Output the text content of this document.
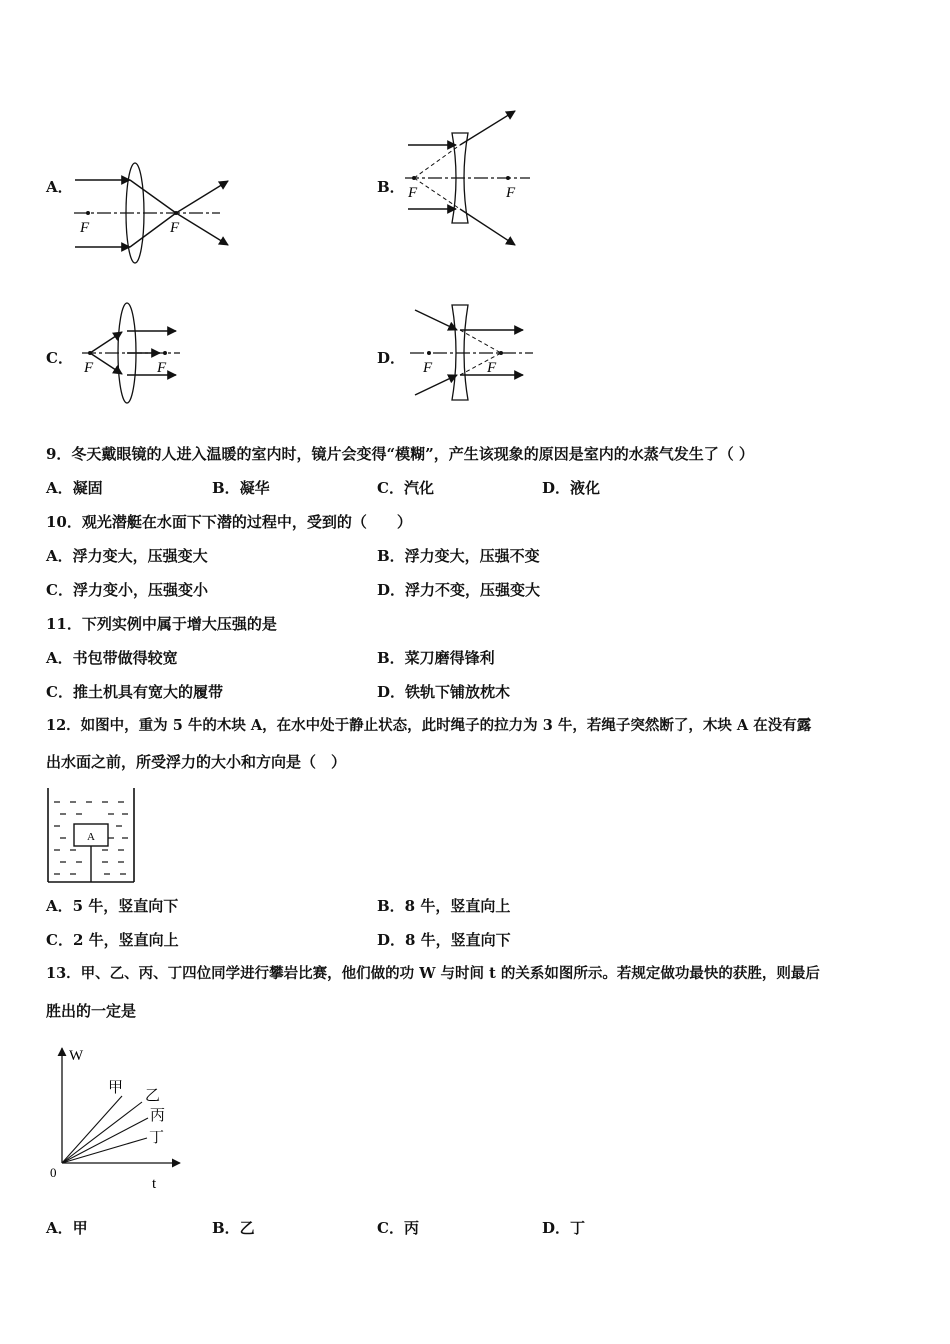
A．
F	F
B． F	F
C．
F	F
D．
F	F
9．冬天戴眼镜的人进入温暖的室内时，镜片会变得“模糊”，产生该现象的原因是室内的水蒸气发生了（ ）
A．凝固	B．凝华	C．汽化	D．液化
10．观光潜艇在水面下下潜的过程中，受到的（　　）
A．浮力变大，压强变大	B．浮力变大，压强不变
C．浮力变小，压强变小	D．浮力不变，压强变大
11．下列实例中属于增大压强的是
A．书包带做得较宽	B．菜刀磨得锋利
C．推土机具有宽大的履带	D．铁轨下铺放枕木
12．如图中，重为 5 牛的木块 A，在水中处于静止状态，此时绳子的拉力为 3 牛，若绳子突然断了，木块 A 在没有露
出水面之前，所受浮力的大小和方向是（　）
A
A．5 牛，竖直向下	B．8 牛，竖直向上
C．2 牛，竖直向上	D．8 牛，竖直向下
13．甲、乙、丙、丁四位同学进行攀岩比赛，他们做的功 W 与时间 t 的关系如图所示。若规定做功最快的获胜，则最后
胜出的一定是
W
t
0
甲 乙
丙
丁
A．甲	B．乙	C．丙	D．丁
